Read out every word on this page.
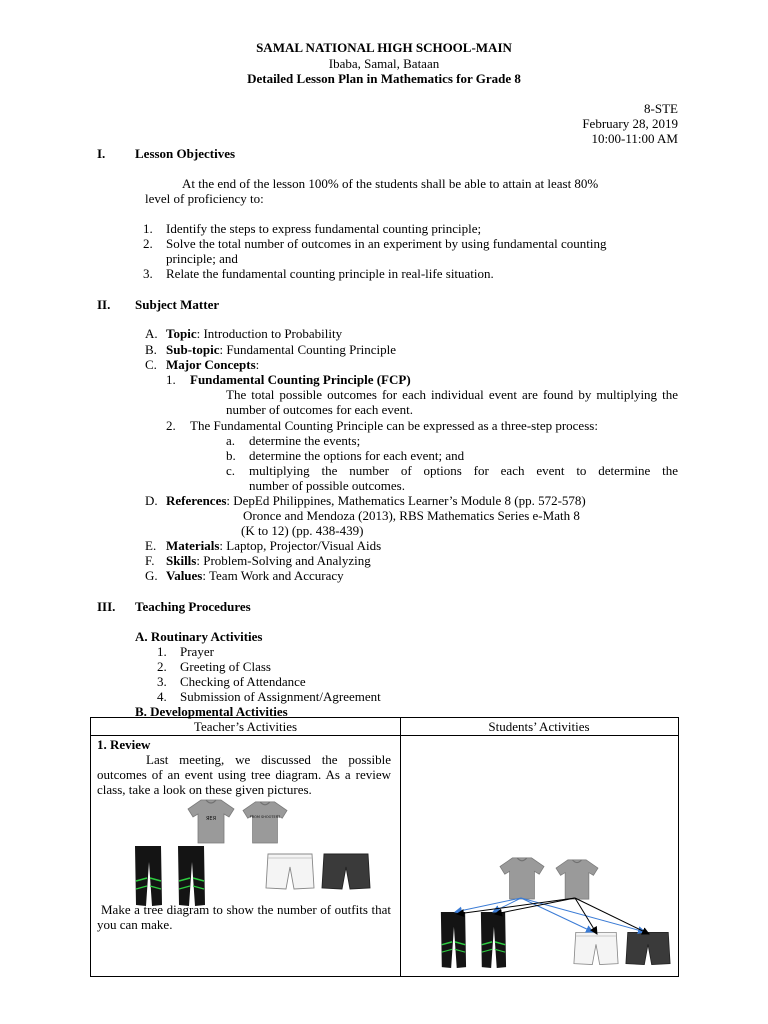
SAMAL NATIONAL HIGH SCHOOL-MAIN
Ibaba, Samal, Bataan
Detailed Lesson Plan in Mathematics for Grade 8
8-STE
February 28, 2019
10:00-11:00 AM
I. Lesson Objectives
At the end of the lesson 100% of the students shall be able to attain at least 80%
level of proficiency to:
1. Identify the steps to express fundamental counting principle;
2. Solve the total number of outcomes in an experiment by using fundamental counting
principle; and
3. Relate the fundamental counting principle in real-life situation.
II. Subject Matter
A. Topic: Introduction to Probability
B. Sub-topic: Fundamental Counting Principle
C. Major Concepts:
1. Fundamental Counting Principle (FCP)
The total possible outcomes for each individual event are found by multiplying the number of outcomes for each event.
2. The Fundamental Counting Principle can be expressed as a three-step process:
a. determine the events;
b. determine the options for each event; and
c. multiplying the number of options for each event to determine the
number of possible outcomes.
D. References: DepEd Philippines, Mathematics Learner’s Module 8 (pp. 572-578)
Oronce and Mendoza (2013), RBS Mathematics Series e-Math 8
(K to 12) (pp. 438-439)
E. Materials: Laptop, Projector/Visual Aids
F. Skills: Problem-Solving and Analyzing
G. Values: Team Work and Accuracy
III. Teaching Procedures
A. Routinary Activities
1. Prayer
2. Greeting of Class
3. Checking of Attendance
4. Submission of Assignment/Agreement
B. Developmental Activities
Teacher’s Activities	Students’ Activities
1. Review
Last meeting, we discussed the possible outcomes of an event using tree diagram. As a review class, take a look on these given pictures.
ЯЕЯ	PROM SHOOTERS
Make a tree diagram to show the number of outfits that you can make.
